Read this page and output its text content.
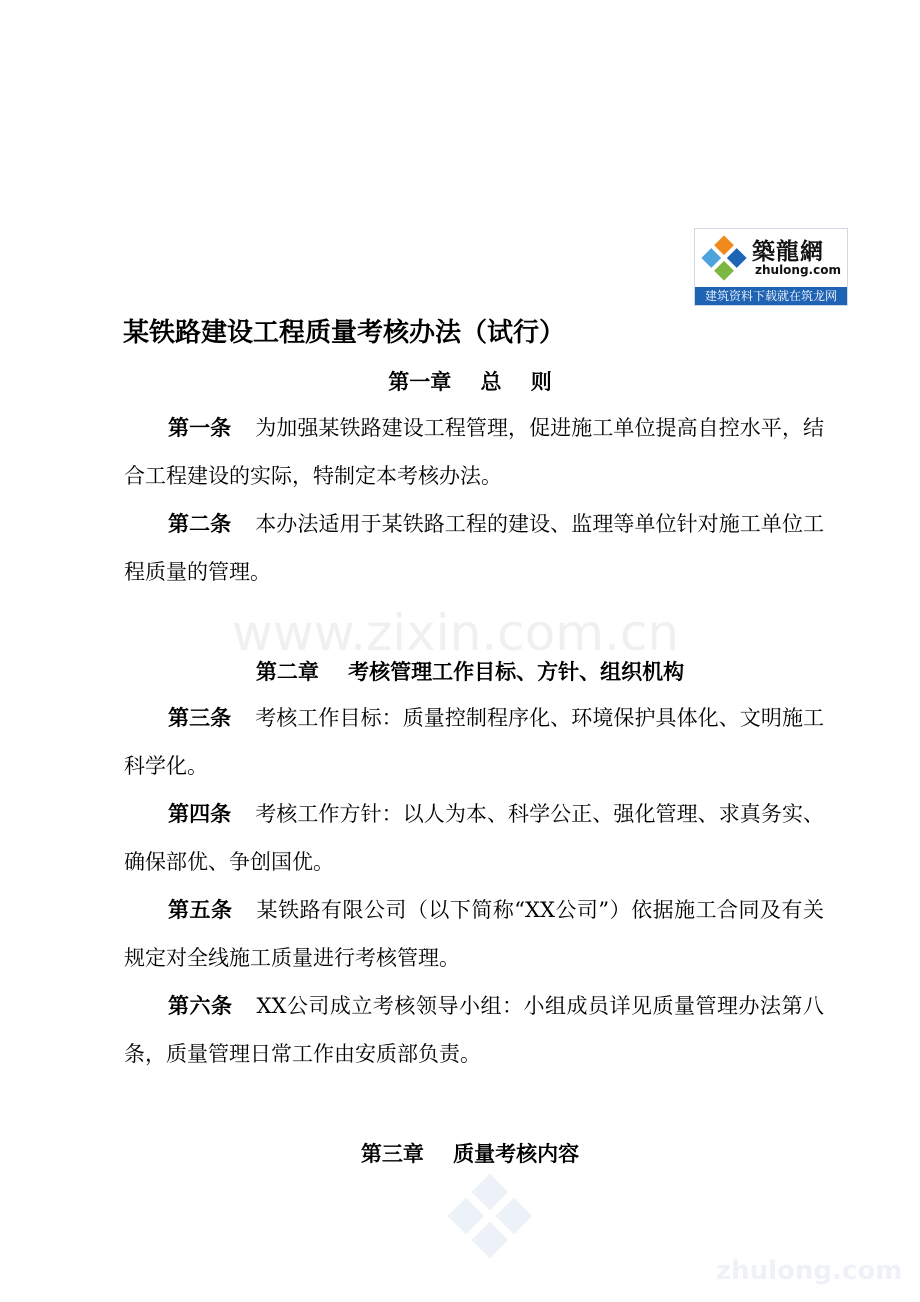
築龍網
zhulong.com
建筑资料下载就在筑龙网
www.zixin.com.cn
zhulong.com
某铁路建设工程质量考核办法（试行）
第一章    总    则
第一条 为加强某铁路建设工程管理，促进施工单位提高自控水平，结合工程建设的实际，特制定本考核办法。
第二条 本办法适用于某铁路工程的建设、监理等单位针对施工单位工程质量的管理。
第二章    考核管理工作目标、方针、组织机构
第三条 考核工作目标：质量控制程序化、环境保护具体化、文明施工科学化。
第四条 考核工作方针：以人为本、科学公正、强化管理、求真务实、确保部优、争创国优。
第五条 某铁路有限公司（以下简称“XX公司”）依据施工合同及有关规定对全线施工质量进行考核管理。
第六条 XX公司成立考核领导小组：小组成员详见质量管理办法第八条，质量管理日常工作由安质部负责。
第三章    质量考核内容
